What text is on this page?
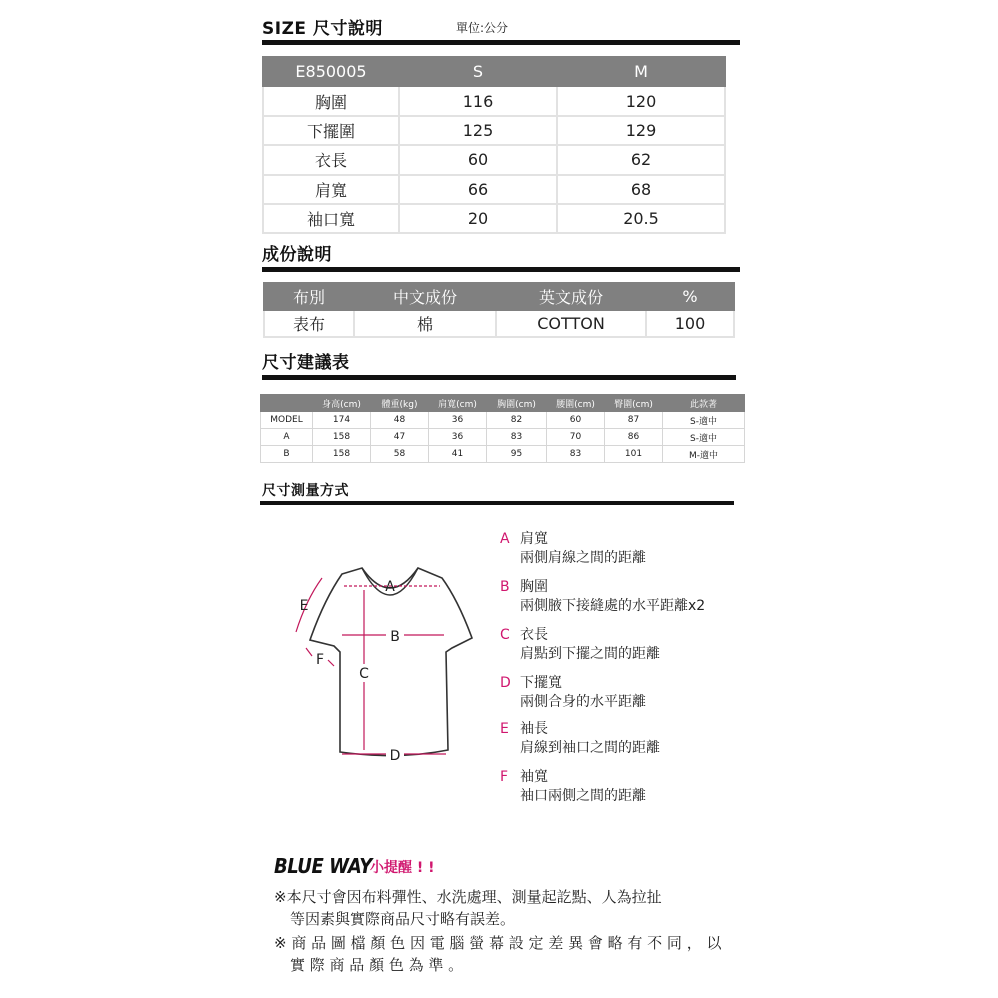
SIZE 尺寸說明	單位:公分
E850005	S	M
胸圍	116	120
下擺圍	125	129
衣長	60	62
肩寬	66	68
袖口寬	20	20.5
成份說明
布別	中文成份	英文成份	%
表布	棉	COTTON	100
尺寸建議表
	身高(cm)	體重(kg)	肩寬(cm)	胸圍(cm)	腰圍(cm)	臀圍(cm)	此款著
MODEL	174	48	36	82	60	87	S-適中
A	158	47	36	83	70	86	S-適中
B	158	58	41	95	83	101	M-適中
尺寸測量方式
A
B
C
D
E
F
A 肩寬
兩側肩線之間的距離
B 胸圍
兩側腋下接縫處的水平距離x2
C 衣長
肩點到下擺之間的距離
D 下擺寬
兩側合身的水平距離
E 袖長
肩線到袖口之間的距離
F 袖寬
袖口兩側之間的距離
BLUE WAY
小提醒 ! !
※本尺寸會因布料彈性、水洗處理、測量起訖點、人為拉扯
等因素與實際商品尺寸略有誤差。
※ 商 品 圖 檔 顏 色 因 電 腦 螢 幕 設 定 差 異 會 略 有 不 同 ， 以
實 際 商 品 顏 色 為 準 。
